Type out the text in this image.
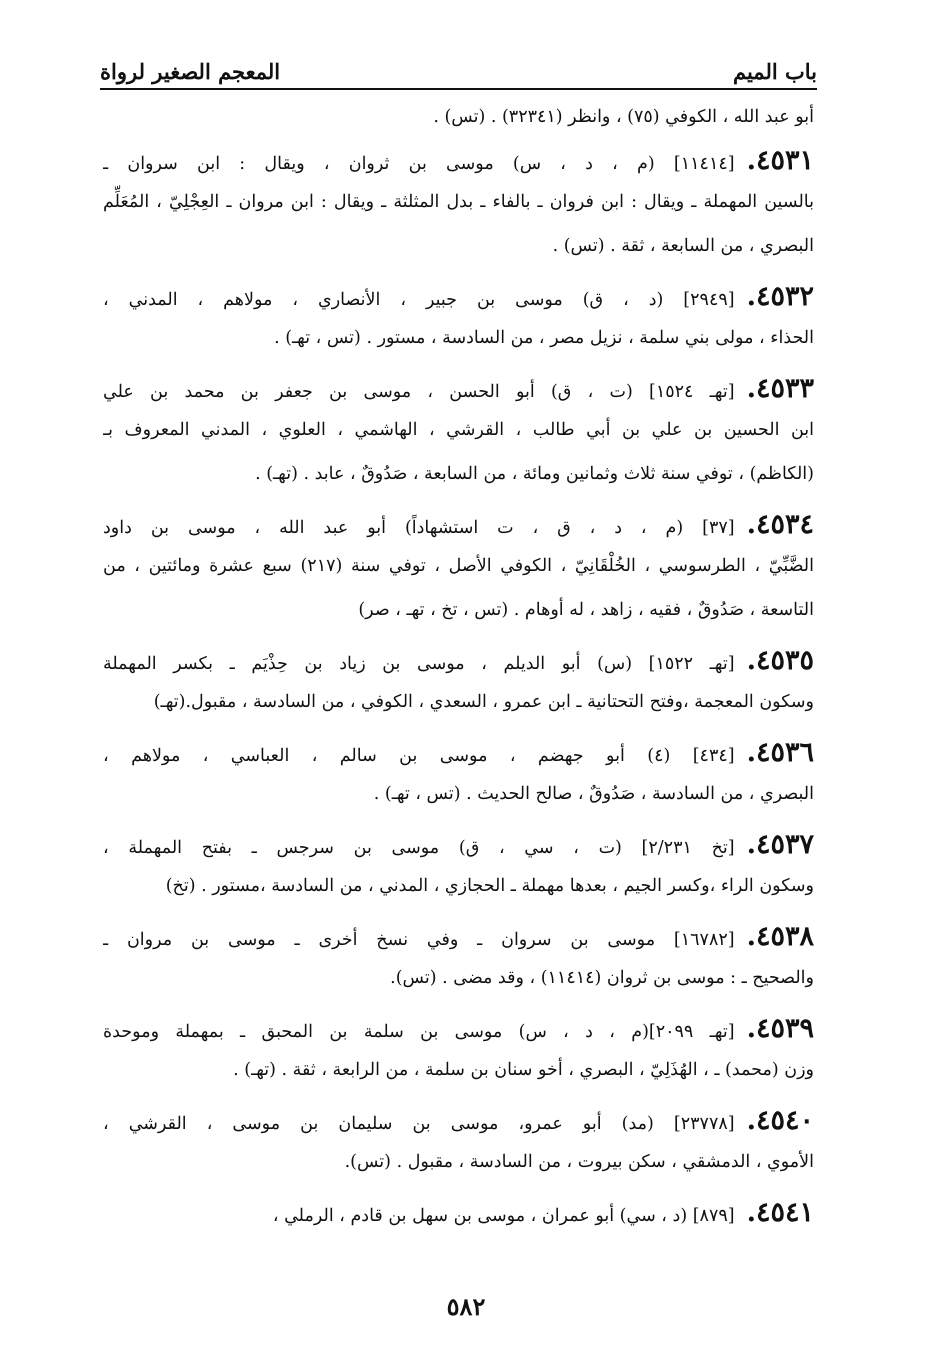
باب الميم
المعجم الصغير لرواة
أبو عبد الله ، الكوفي (٧٥) ، وانظر (٣٢٣٤١) . (تس) .
٤٥٣١.
[١١٤١٤] (م ، د ، س) موسى بن ثروان ، ويقال : ابن سروان ـ
بالسين المهملة ـ ويقال : ابن فروان ـ بالفاء ـ بدل المثلثة ـ ويقال : ابن مروان ـ العِجْلِيّ ، المُعَلِّم
البصري ، من السابعة ، ثقة . (تس) .
٤٥٣٢.
[٢٩٤٩] (د ، ق) موسى بن جبير ، الأنصاري ، مولاهم ، المدني ،
الحذاء ، مولى بني سلمة ، نزيل مصر ، من السادسة ، مستور . (تس ، تهـ) .
٤٥٣٣.
[تهـ ١٥٢٤] (ت ، ق) أبو الحسن ، موسى بن جعفر بن محمد بن علي
ابن الحسين بن علي بن أبي طالب ، القرشي ، الهاشمي ، العلوي ، المدني المعروف بـ
(الكاظم) ، توفي سنة ثلاث وثمانين ومائة ، من السابعة ، صَدُوقٌ ، عابد . (تهـ) .
٤٥٣٤.
[٣٧] (م ، د ، ق ، ت استشهاداً) أبو عبد الله ، موسى بن داود
الضَّبِّيّ ، الطرسوسي ، الخُلْقَانِيّ ، الكوفي الأصل ، توفي سنة (٢١٧) سبع عشرة ومائتين ، من
التاسعة ، صَدُوقٌ ، فقيه ، زاهد ، له أوهام . (تس ، تخ ، تهـ ، صر)
٤٥٣٥.
[تهـ ١٥٢٢] (س) أبو الديلم ، موسى بن زياد بن حِذْيَم ـ بكسر المهملة
وسكون المعجمة ،وفتح التحتانية ـ ابن عمرو ، السعدي ، الكوفي ، من السادسة ، مقبول.(تهـ)
٤٥٣٦.
[٤٣٤] (٤) أبو جهضم ، موسى بن سالم ، العباسي ، مولاهم ،
البصري ، من السادسة ، صَدُوقٌ ، صالح الحديث . (تس ، تهـ) .
٤٥٣٧.
[تخ ٢/٢٣١] (ت ، سي ، ق) موسى بن سرجس ـ بفتح المهملة ،
وسكون الراء ،وكسر الجيم ، بعدها مهملة ـ الحجازي ، المدني ، من السادسة ،مستور . (تخ)
٤٥٣٨.
[١٦٧٨٢] موسى بن سروان ـ وفي نسخ أخرى ـ موسى بن مروان ـ
والصحيح ـ : موسى بن ثروان (١١٤١٤) ، وقد مضى . (تس).
٤٥٣٩.
[تهـ ٢٠٩٩](م ، د ، س) موسى بن سلمة بن المحبق ـ بمهملة وموحدة
وزن (محمد) ـ ، الهُذَلِيّ ، البصري ، أخو سنان بن سلمة ، من الرابعة ، ثقة . (تهـ) .
٤٥٤٠.
[٢٣٧٧٨] (مد) أبو عمرو، موسى بن سليمان بن موسى ، القرشي ،
الأموي ، الدمشقي ، سكن بيروت ، من السادسة ، مقبول . (تس).
٤٥٤١.
[٨٧٩] (د ، سي) أبو عمران ، موسى بن سهل بن قادم ، الرملي ،
٥٨٢
